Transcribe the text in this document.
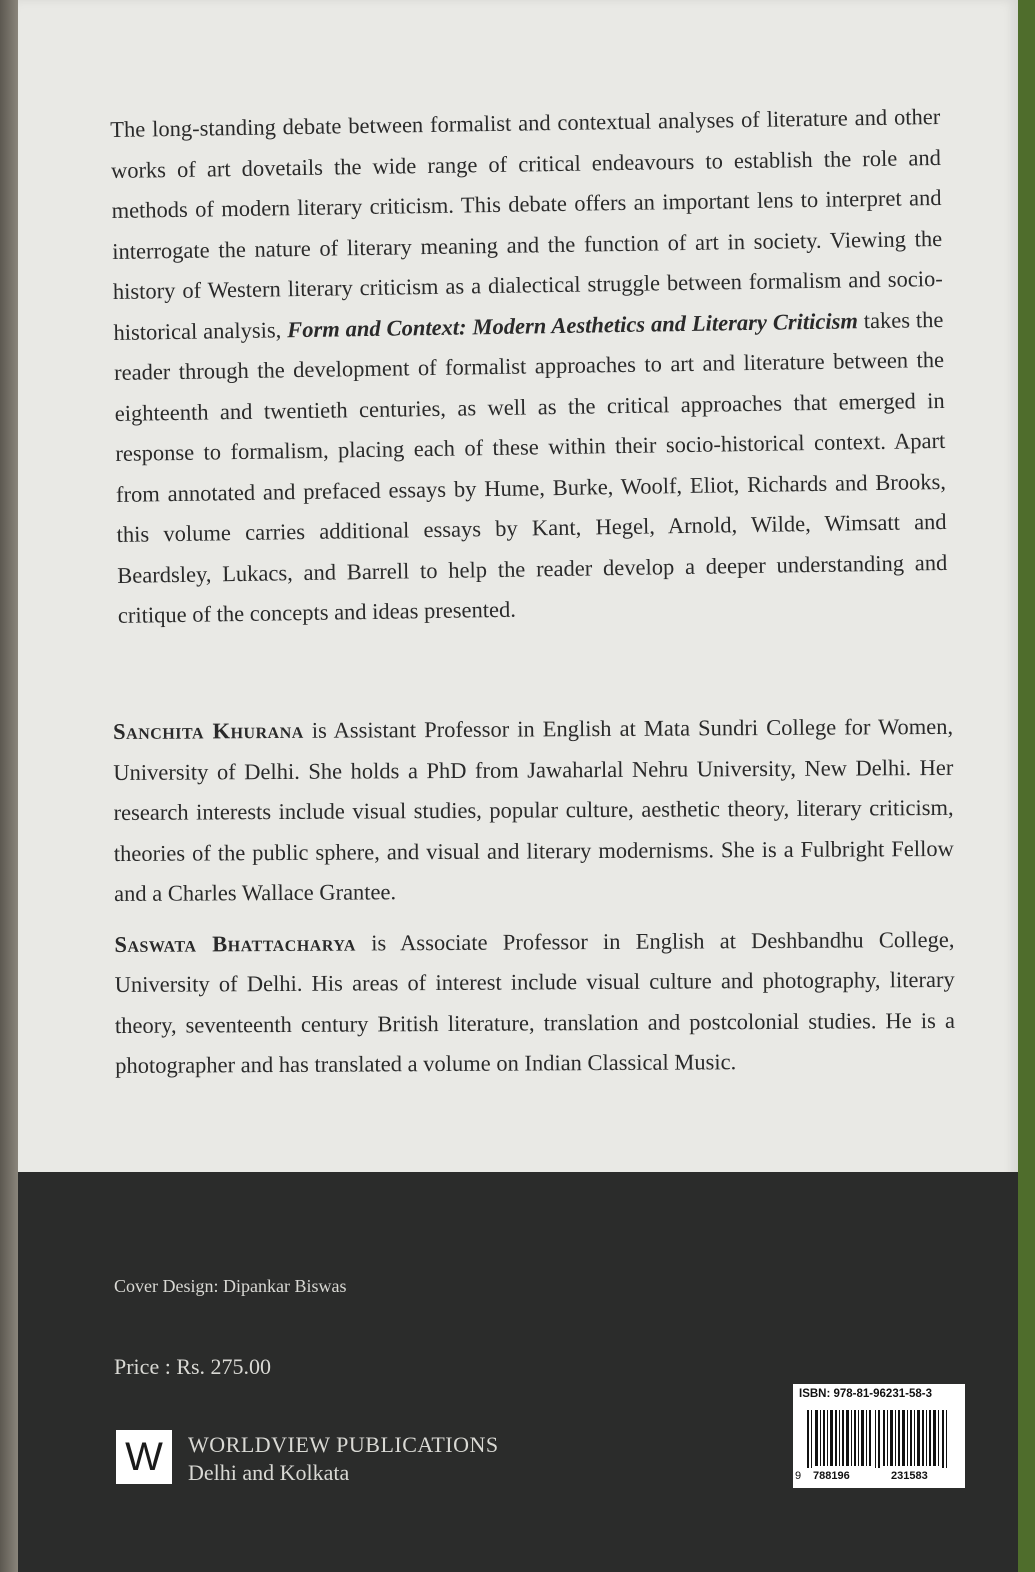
The long-standing debate between formalist and contextual analyses of literature and other works of art dovetails the wide range of critical endeavours to establish the role and methods of modern literary criticism. This debate offers an important lens to interpret and interrogate the nature of literary meaning and the function of art in society. Viewing the history of Western literary criticism as a dialectical struggle between formalism and socio-historical analysis, Form and Context: Modern Aesthetics and Literary Criticism takes the reader through the development of formalist approaches to art and literature between the eighteenth and twentieth centuries, as well as the critical approaches that emerged in response to formalism, placing each of these within their socio-historical context. Apart from annotated and prefaced essays by Hume, Burke, Woolf, Eliot, Richards and Brooks, this volume carries additional essays by Kant, Hegel, Arnold, Wilde, Wimsatt and Beardsley, Lukacs, and Barrell to help the reader develop a deeper understanding and critique of the concepts and ideas presented.

Sanchita Khurana is Assistant Professor in English at Mata Sundri College for Women, University of Delhi. She holds a PhD from Jawaharlal Nehru University, New Delhi. Her research interests include visual studies, popular culture, aesthetic theory, literary criticism, theories of the public sphere, and visual and literary modernisms. She is a Fulbright Fellow and a Charles Wallace Grantee.

Saswata Bhattacharya is Associate Professor in English at Deshbandhu College, University of Delhi. His areas of interest include visual culture and photography, literary theory, seventeenth century British literature, translation and postcolonial studies. He is a photographer and has translated a volume on Indian Classical Music.

Cover Design: Dipankar Biswas
Price : Rs. 275.00
W	WORLDVIEW PUBLICATIONS
Delhi and Kolkata
ISBN: 978-81-96231-58-3
9 788196	231583
